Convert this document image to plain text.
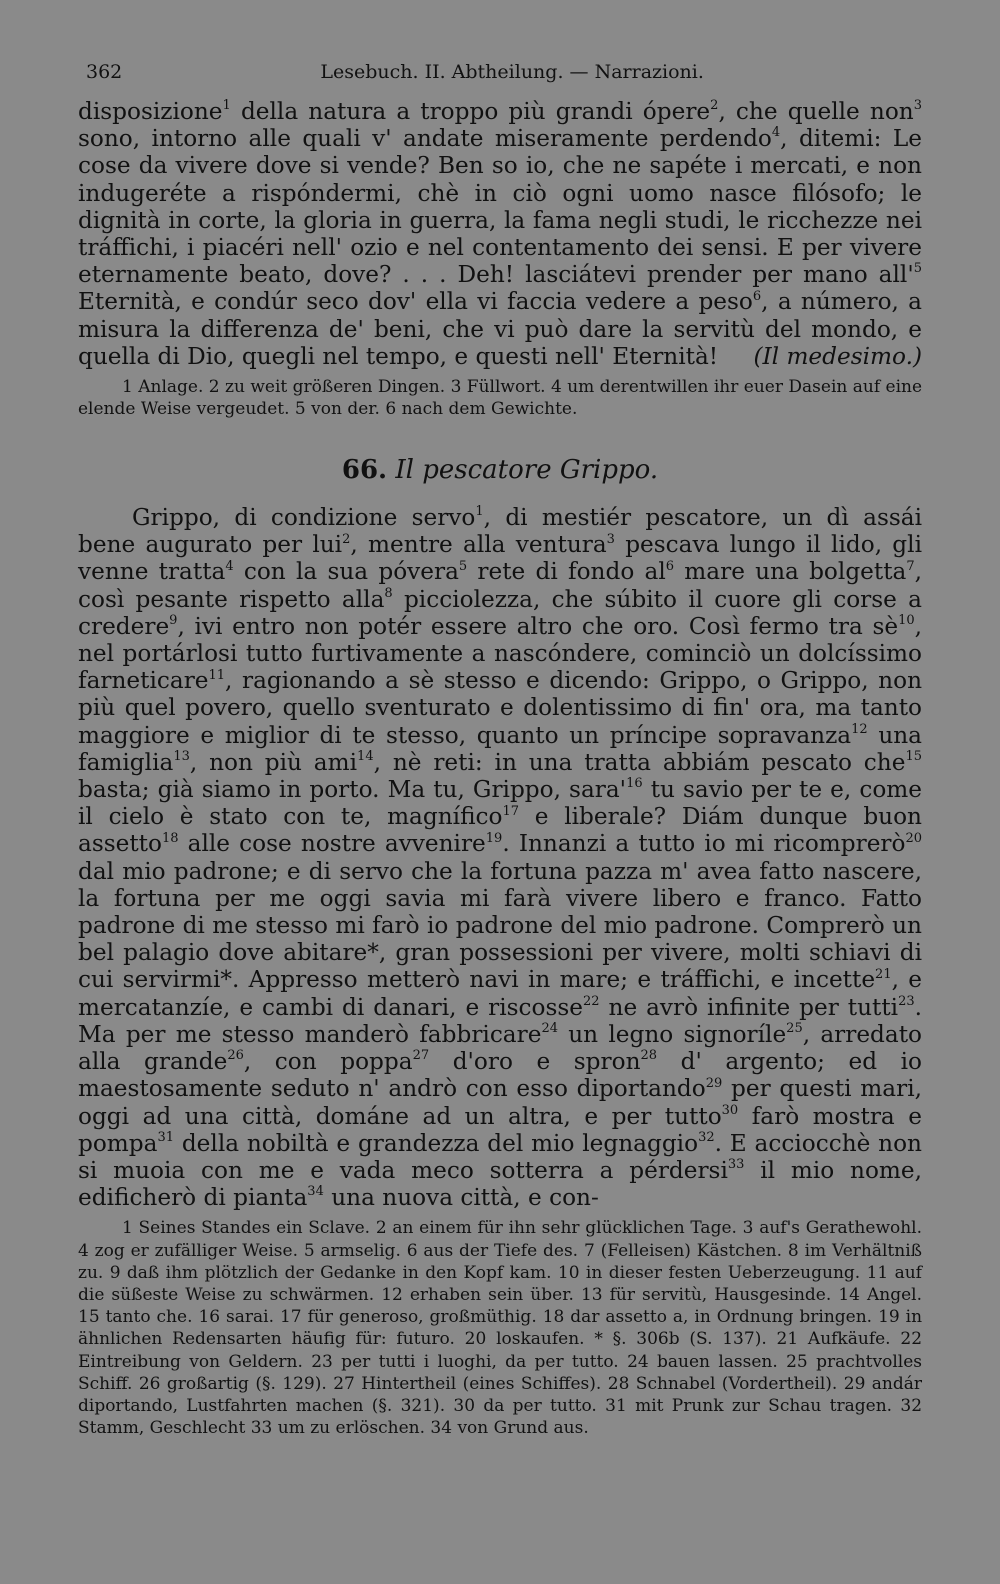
362	Lesebuch. II. Abtheilung. — Narrazioni.

disposizione$^1$ della natura a troppo più grandi ópere$^2$, che quelle non$^3$ sono, intorno alle quali v' andate miseramente perdendo$^4$, ditemi: Le cose da vivere dove si vende? Ben so io, che ne sapéte i mercati, e non indugeréte a rispóndermi, chè in ciò ogni uomo nasce filósofo; le dignità in corte, la gloria in guerra, la fama negli studi, le ricchezze nei tráffichi, i piacéri nell' ozio e nel contentamento dei sensi. E per vivere eternamente beato, dove? . . . Deh! lasciátevi prender per mano $all'^5$ Eternità, e condúr seco dov' ella vi faccia vedere a peso$^6$, a número, a misura la differenza de' beni, che vi può dare la servitù del mondo, e quella di Dio, quegli nel tempo, e questi nell' Eternità! (Il medesimo.)

1 Anlage. 2 zu weit größeren Dingen. 3 Füllwort. 4 um derentwillen ihr euer Dasein auf eine elende Weise vergeudet. 5 von der. 6 nach dem Gewichte.
66. Il pescatore Grippo.

Grippo, di condizione servo$^1$, di mestiér pescatore, un dì assái bene augurato per lui$^2$, mentre alla ventura$^3$ pescava lungo il lido, gli venne tratta$^4$ con la sua póvera$^5$ rete di fondo $al^6$ mare una bolgetta$^7$, così pesante rispetto alla$^8$ picciolezza, che súbito il cuore gli corse a credere$^9$, ivi entro non potér essere altro che oro. Così fermo tra $sè^{10}$, nel portárlosi tutto furtivamente a nascóndere, cominciò un dolcíssimo farneticare$^{11}$, ragionando a sè stesso e dicendo: Grippo, o Grippo, non più quel povero, quello sventurato e dolentissimo di fin' ora, ma tanto maggiore e miglior di te stesso, quanto un príncipe sopravanza$^{12}$ una famiglia$^{13}$, non più ami$^{14}$, nè reti: in una tratta abbiám pescato che$^{15}$ basta; già siamo in porto. Ma tu, Grippo, $sara'^{16}$ tu savio per te e, come il cielo è stato con te, magnífico$^{17}$ e liberale? Diám dunque buon assetto$^{18}$ alle cose nostre avvenire$^{19}$. Innanzi a tutto io mi ricomprerò$^{20}$ dal mio padrone; e di servo che la fortuna pazza m' avea fatto nascere, la fortuna per me oggi savia mi farà vivere libero e franco. Fatto padrone di me stesso mi farò io padrone del mio padrone. Comprerò un bel palagio dove abitare*, gran possessioni per vivere, molti schiavi di cui servirmi*. Appresso metterò navi in mare; e tráffichi, e incette$^{21}$, e mercatanzíe, e cambi di danari, e riscosse$^{22}$ ne avrò infinite per tutti$^{23}$. Ma per me stesso manderò fabbricare$^{24}$ un legno signoríle$^{25}$, arredato alla grande$^{26}$, con poppa$^{27}$ d'oro e spron$^{28}$ d' argento; ed io maestosamente seduto n' andrò con esso diportando$^{29}$ per questi mari, oggi ad una città, dománe ad un altra, e per tutto$^{30}$ farò mostra e pompa$^{31}$ della nobiltà e grandezza del mio legnaggio$^{32}$. E acciocchè non si muoia con me e vada meco sotterra a pérdersi$^{33}$ il mio nome, edificherò di pianta$^{34}$ una nuova città, e con-

1 Seines Standes ein Sclave. 2 an einem für ihn sehr glücklichen Tage. 3 auf's Gerathewohl. 4 zog er zufälliger Weise. 5 armselig. 6 aus der Tiefe des. 7 (Felleisen) Kästchen. 8 im Verhältniß zu. 9 daß ihm plötzlich der Gedanke in den Kopf kam. 10 in dieser festen Ueberzeugung. 11 auf die süßeste Weise zu schwärmen. 12 erhaben sein über. 13 für servitù, Hausgesinde. 14 Angel. 15 tanto che. 16 sarai. 17 für generoso, großmüthig. 18 dar assetto a, in Ordnung bringen. 19 in ähnlichen Redensarten häufig für: futuro. 20 loskaufen. * §. 306b (S. 137). 21 Aufkäufe. 22 Eintreibung von Geldern. 23 per tutti i luoghi, da per tutto. 24 bauen lassen. 25 prachtvolles Schiff. 26 großartig (§. 129). 27 Hintertheil (eines Schiffes). 28 Schnabel (Vordertheil). 29 andár diportando, Lustfahrten machen (§. 321). 30 da per tutto. 31 mit Prunk zur Schau tragen. 32 Stamm, Geschlecht 33 um zu erlöschen. 34 von Grund aus.
